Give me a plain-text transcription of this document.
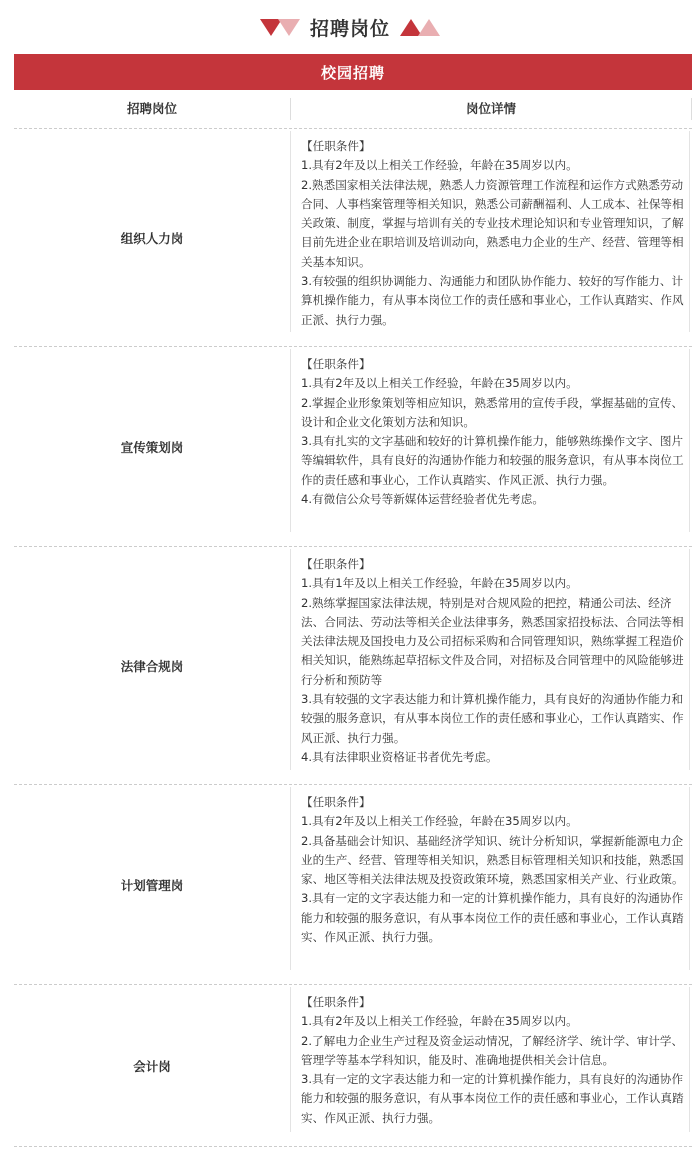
招聘岗位
校园招聘
招聘岗位	岗位详情
组织人力岗

【任职条件】

1.具有2年及以上相关工作经验，年龄在35周岁以内。

2.熟悉国家相关法律法规，熟悉人力资源管理工作流程和运作方式熟悉劳动合同、人事档案管理等相关知识，熟悉公司薪酬福利、人工成本、社保等相关政策、制度，掌握与培训有关的专业技术理论知识和专业管理知识，了解目前先进企业在职培训及培训动向，熟悉电力企业的生产、经营、管理等相关基本知识。

3.有较强的组织协调能力、沟通能力和团队协作能力、较好的写作能力、计算机操作能力，有从事本岗位工作的责任感和事业心，工作认真踏实、作风正派、执行力强。

宣传策划岗

【任职条件】

1.具有2年及以上相关工作经验，年龄在35周岁以内。

2.掌握企业形象策划等相应知识，熟悉常用的宣传手段，掌握基础的宣传、设计和企业文化策划方法和知识。

3.具有扎实的文字基础和较好的计算机操作能力，能够熟练操作文字、图片等编辑软件，具有良好的沟通协作能力和较强的服务意识，有从事本岗位工作的责任感和事业心，工作认真踏实、作风正派、执行力强。

4.有微信公众号等新媒体运营经验者优先考虑。

法律合规岗

【任职条件】

1.具有1年及以上相关工作经验，年龄在35周岁以内。

2.熟练掌握国家法律法规，特别是对合规风险的把控，精通公司法、经济法、合同法、劳动法等相关企业法律事务，熟悉国家招投标法、合同法等相关法律法规及国投电力及公司招标采购和合同管理知识，熟练掌握工程造价相关知识，能熟练起草招标文件及合同，对招标及合同管理中的风险能够进行分析和预防等

3.具有较强的文字表达能力和计算机操作能力，具有良好的沟通协作能力和较强的服务意识，有从事本岗位工作的责任感和事业心，工作认真踏实、作风正派、执行力强。

4.具有法律职业资格证书者优先考虑。

计划管理岗

【任职条件】

1.具有2年及以上相关工作经验，年龄在35周岁以内。

2.具备基础会计知识、基础经济学知识、统计分析知识，掌握新能源电力企业的生产、经营、管理等相关知识，熟悉目标管理相关知识和技能，熟悉国家、地区等相关法律法规及投资政策环境，熟悉国家相关产业、行业政策。

3.具有一定的文字表达能力和一定的计算机操作能力，具有良好的沟通协作能力和较强的服务意识，有从事本岗位工作的责任感和事业心，工作认真踏实、作风正派、执行力强。

会计岗

【任职条件】

1.具有2年及以上相关工作经验，年龄在35周岁以内。

2.了解电力企业生产过程及资金运动情况，了解经济学、统计学、审计学、管理学等基本学科知识，能及时、准确地提供相关会计信息。

3.具有一定的文字表达能力和一定的计算机操作能力，具有良好的沟通协作能力和较强的服务意识，有从事本岗位工作的责任感和事业心，工作认真踏实、作风正派、执行力强。
